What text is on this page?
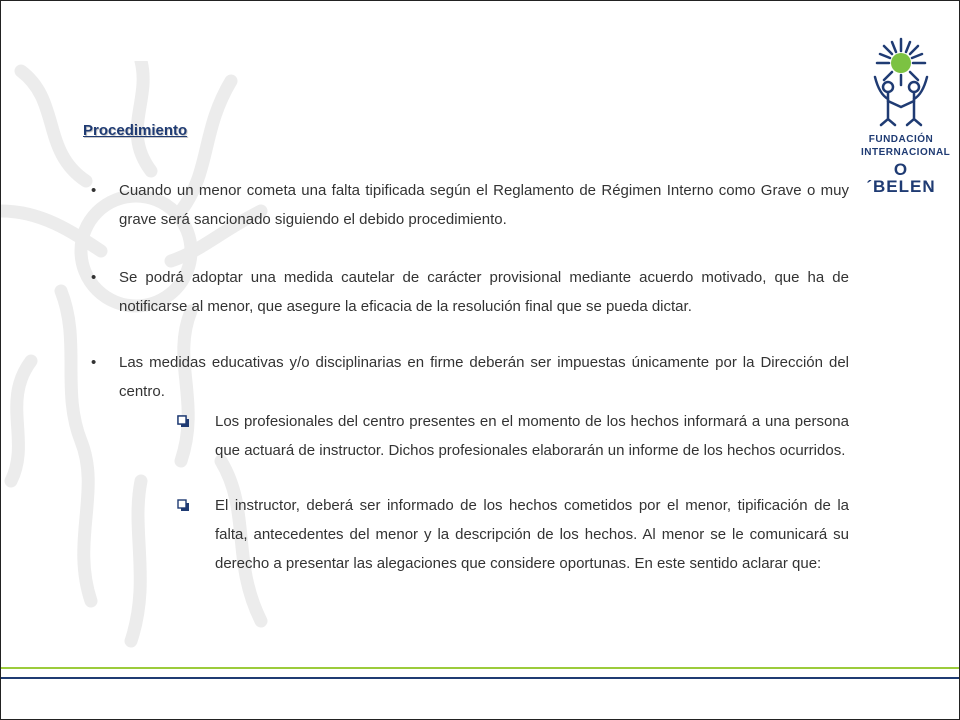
FUNDACIÓN
INTERNACIONAL
O´BELEN
Procedimiento
• Cuando un menor cometa una falta tipificada según el Reglamento de Régimen Interno como Grave o muy grave será sancionado siguiendo el debido procedimiento.
• Se podrá adoptar una medida cautelar de carácter provisional mediante acuerdo motivado, que ha de notificarse al menor, que asegure la eficacia de la resolución final que se pueda dictar.
• Las medidas educativas y/o disciplinarias en firme deberán ser impuestas únicamente por la Dirección del centro.
Los profesionales del centro presentes en el momento de los hechos informará a una persona que actuará de instructor. Dichos profesionales elaborarán un informe de los hechos ocurridos.
El instructor, deberá ser informado de los hechos cometidos por el menor, tipificación de la falta, antecedentes del menor y la descripción de los hechos. Al menor se le comunicará su derecho a presentar las alegaciones que considere oportunas. En este sentido aclarar que:
